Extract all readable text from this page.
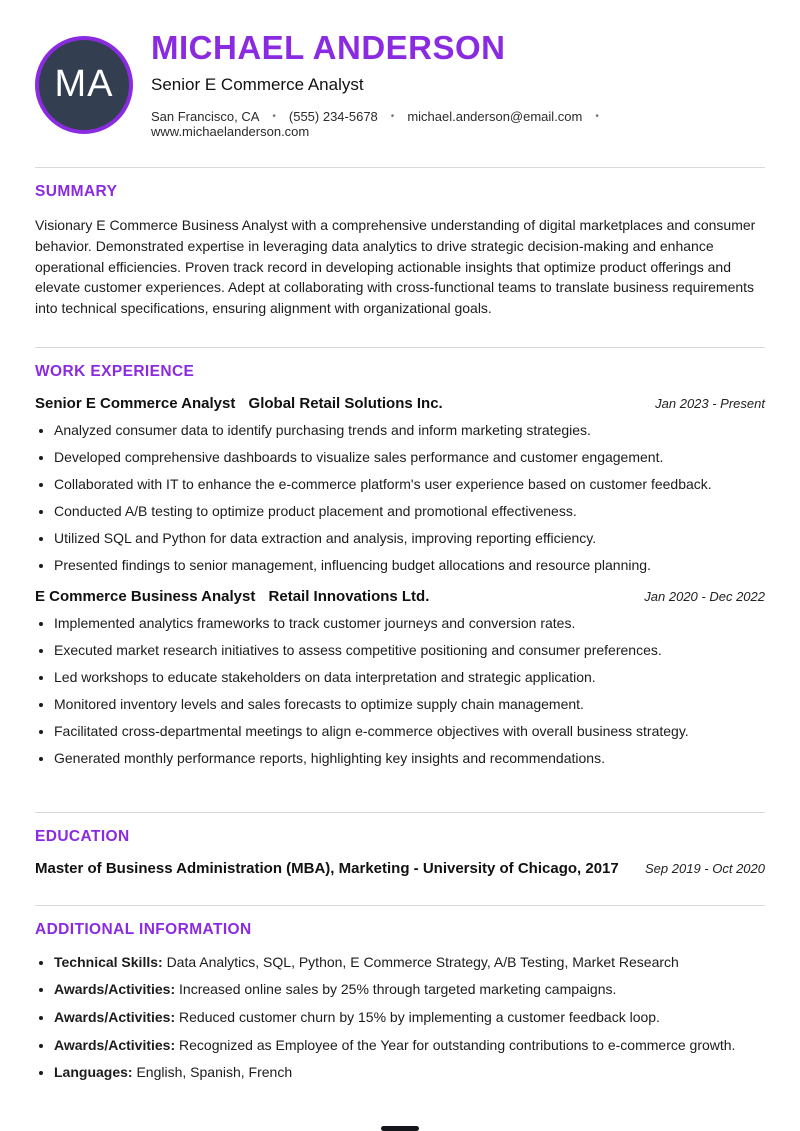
MA
MICHAEL ANDERSON
Senior E Commerce Analyst
San Francisco, CA • (555) 234-5678 • michael.anderson@email.com •
www.michaelanderson.com
SUMMARY

Visionary E Commerce Business Analyst with a comprehensive understanding of digital marketplaces and consumer behavior. Demonstrated expertise in leveraging data analytics to drive strategic decision-making and enhance operational efficiencies. Proven track record in developing actionable insights that optimize product offerings and elevate customer experiences. Adept at collaborating with cross-functional teams to translate business requirements into technical specifications, ensuring alignment with organizational goals.

WORK EXPERIENCE
Senior E Commerce Analyst Global Retail Solutions Inc.	Jan 2023 - Present
• Analyzed consumer data to identify purchasing trends and inform marketing strategies.
• Developed comprehensive dashboards to visualize sales performance and customer engagement.
• Collaborated with IT to enhance the e-commerce platform's user experience based on customer feedback.
• Conducted A/B testing to optimize product placement and promotional effectiveness.
• Utilized SQL and Python for data extraction and analysis, improving reporting efficiency.
• Presented findings to senior management, influencing budget allocations and resource planning.
E Commerce Business Analyst Retail Innovations Ltd.	Jan 2020 - Dec 2022
• Implemented analytics frameworks to track customer journeys and conversion rates.
• Executed market research initiatives to assess competitive positioning and consumer preferences.
• Led workshops to educate stakeholders on data interpretation and strategic application.
• Monitored inventory levels and sales forecasts to optimize supply chain management.
• Facilitated cross-departmental meetings to align e-commerce objectives with overall business strategy.
• Generated monthly performance reports, highlighting key insights and recommendations.
EDUCATION
Master of Business Administration (MBA), Marketing - University of Chicago, 2017 Sep 2019 - Oct 2020
ADDITIONAL INFORMATION
• Technical Skills: Data Analytics, SQL, Python, E Commerce Strategy, A/B Testing, Market Research
• Awards/Activities: Increased online sales by 25% through targeted marketing campaigns.
• Awards/Activities: Reduced customer churn by 15% by implementing a customer feedback loop.
• Awards/Activities: Recognized as Employee of the Year for outstanding contributions to e-commerce growth.
• Languages: English, Spanish, French
